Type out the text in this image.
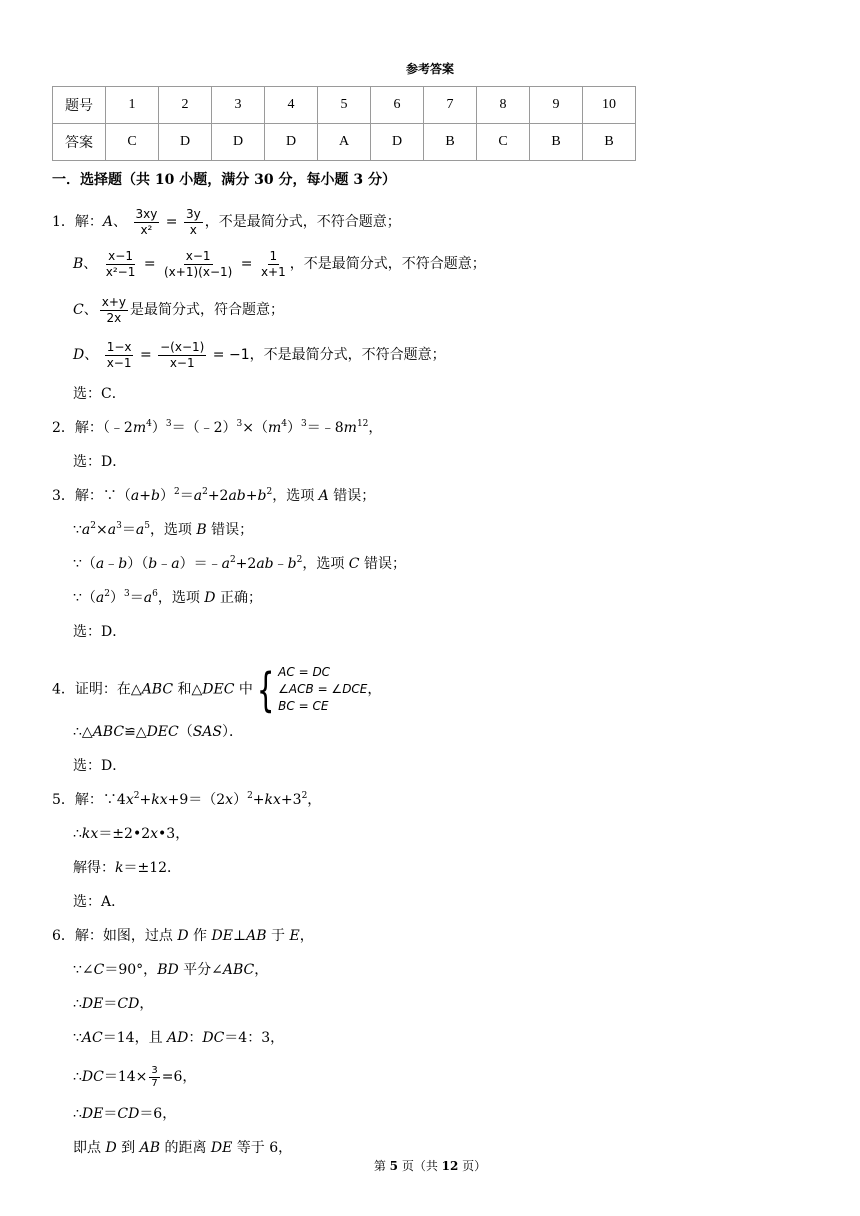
参考答案
题号	1	2	3	4	5	6	7	8	9	10
答案	C	D	D	D	A	D	B	C	B	B
一．选择题（共 10 小题，满分 30 分，每小题 3 分）
1．解：A、 $\frac{3xy}{\text{x²}} = \frac{3y}{x}$ ，不是最简分式，不符合题意；
B、 $\frac{x-1}{\text{x²−1}} = \frac{x-1}{(x+1)(x-1)} = \frac{1}{x+1}$ ，不是最简分式，不符合题意；
C、 $\frac{x+y}{2x}$ 是最简分式，符合题意；
D、 $\frac{1-x}{x-1} = \frac{-(x-1)}{x-1} = -1$，不是最简分式，不符合题意；
选：C．
2．解：$(﹣2m^4)^3=(﹣2)^3\times(m^4)^3=﹣8m^{12}$，
选：D．
3．解：$\because(a+b)^2=a^2+2ab+b^2$，选项 A 错误；
$\because a^2\times a^3=a^5$，选项 B 错误；
$\because(a﹣b)(b﹣a)=﹣a^2+2ab﹣b^2$，选项 C 错误；
$\because(a^2)^3=a^6$，选项 D 正确；
选：D．
4．证明：在△ABC 和△DEC 中 { AC = DC
∠ACB = ∠DCE
BC = CE
，
∴△ABC≌△DEC（SAS）．
选：D．
5．解：$\because 4x^2+kx+9=(2x)^2+kx+3^2$，
∴kx＝±2•2x•3，
解得：k＝±12．
选：A．
6．解：如图，过点 D 作 DE⊥AB 于 E，
∵∠C＝90°，BD 平分∠ABC，
∴DE＝CD，
∵AC＝14，且 AD：DC＝4：3，
∴DC＝14× $\frac{3}{7} =6$，
∴DE＝CD＝6，
即点 D 到 AB 的距离 DE 等于 6，
第 5 页（共 12 页）
